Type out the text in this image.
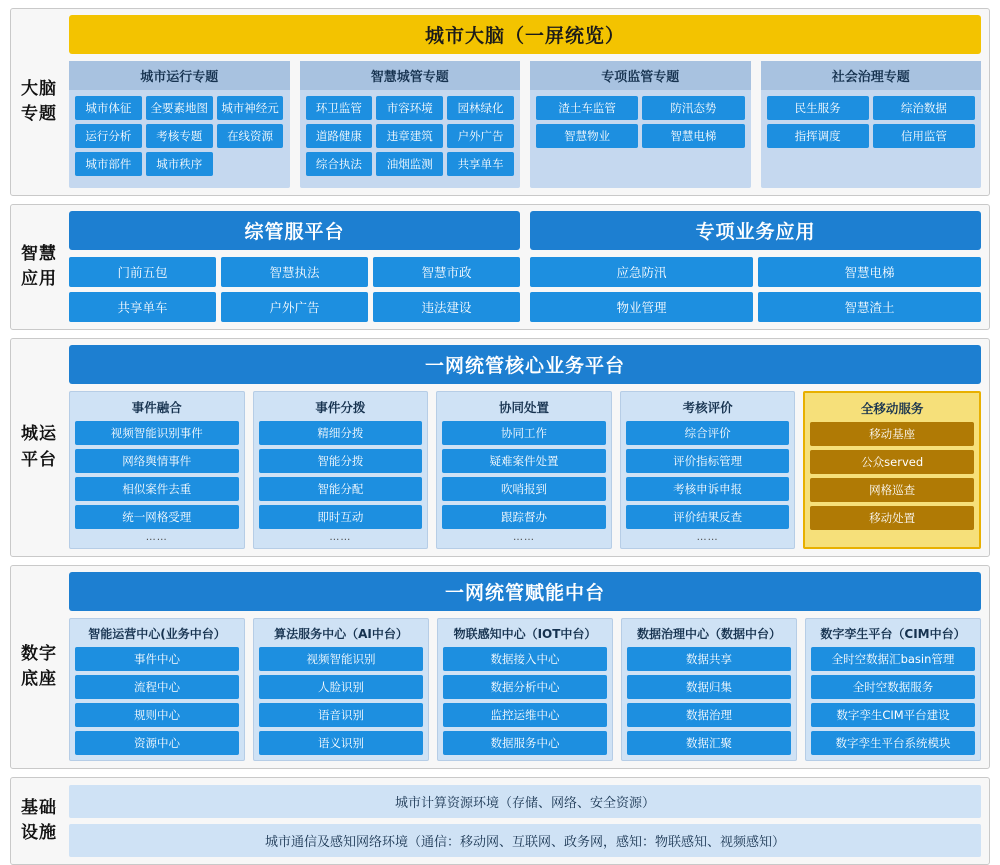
大脑
专题
城市大脑（一屏统览）
城市运行专题
城市体征	全要素地图	城市神经元
运行分析	考核专题	在线资源
城市部件	城市秩序
智慧城管专题
环卫监管	市容环境	园林绿化
道路健康	违章建筑	户外广告
综合执法	油烟监测	共享单车
专项监管专题
渣土车监管	防汛态势
智慧物业	智慧电梯
社会治理专题
民生服务	综治数据
指挥调度	信用监管
智慧
应用
综管服平台	专项业务应用
门前五包	智慧执法	智慧市政
共享单车	户外广告	违法建设
应急防汛	智慧电梯
物业管理	智慧渣土
城运
平台
一网统管核心业务平台
事件融合
视频智能识别事件
网络舆情事件
相似案件去重
统一网格受理
……
事件分拨
精细分拨
智能分拨
智能分配
即时互动
……
协同处置
协同工作
疑难案件处置
吹哨报到
跟踪督办
……
考核评价
综合评价
评价指标管理
考核申诉申报
评价结果反查
……
全移动服务
移动基座
公众served
网格巡查
移动处置
数字
底座
一网统管赋能中台
智能运营中心(业务中台）
事件中心
流程中心
规则中心
资源中心
算法服务中心（AI中台）
视频智能识别
人脸识别
语音识别
语义识别
物联感知中心（IOT中台）
数据接入中心
数据分析中心
监控运维中心
数据服务中心
数据治理中心（数据中台）
数据共享
数据归集
数据治理
数据汇聚
数字孪生平台（CIM中台）
全时空数据汇basin管理
全时空数据服务
数字孪生CIM平台建设
数字孪生平台系统模块
基础
设施
城市计算资源环境（存储、网络、安全资源）
城市通信及感知网络环境（通信：移动网、互联网、政务网，感知：物联感知、视频感知）
